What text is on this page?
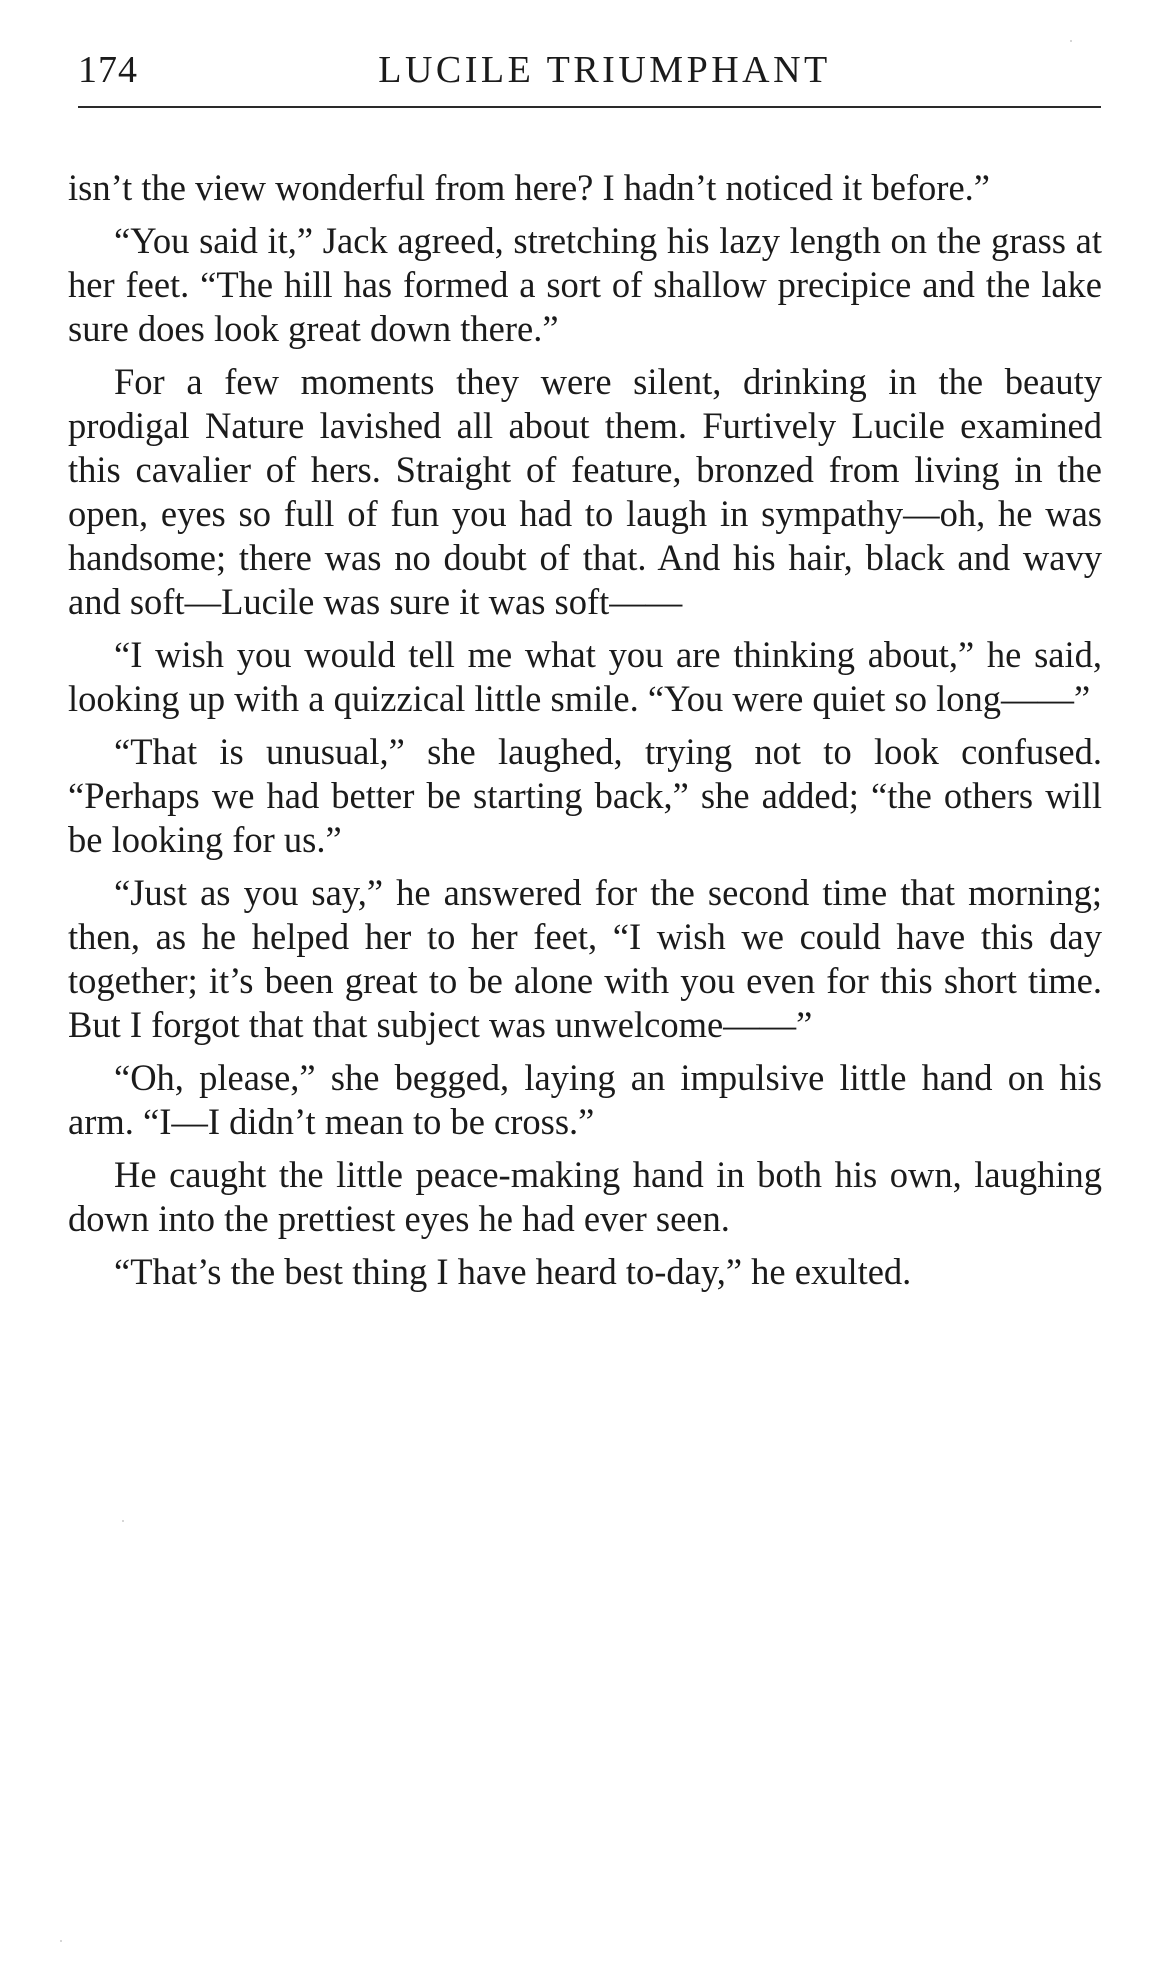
174	LUCILE TRIUMPHANT

isn’t the view wonderful from here? I hadn’t noticed it before.”

“You said it,” Jack agreed, stretching his lazy length on the grass at her feet. “The hill has formed a sort of shallow precipice and the lake sure does look great down there.”

For a few moments they were silent, drinking in the beauty prodigal Nature lavished all about them. Furtively Lucile examined this cavalier of hers. Straight of feature, bronzed from living in the open, eyes so full of fun you had to laugh in sympathy—oh, he was handsome; there was no doubt of that. And his hair, black and wavy and soft—Lucile was sure it was soft——

“I wish you would tell me what you are thinking about,” he said, looking up with a quizzical little smile. “You were quiet so long——”

“That is unusual,” she laughed, trying not to look confused. “Perhaps we had better be starting back,” she added; “the others will be looking for us.”

“Just as you say,” he answered for the second time that morning; then, as he helped her to her feet, “I wish we could have this day together; it’s been great to be alone with you even for this short time. But I forgot that that subject was unwelcome——”

“Oh, please,” she begged, laying an impulsive little hand on his arm. “I—I didn’t mean to be cross.”

He caught the little peace-making hand in both his own, laughing down into the prettiest eyes he had ever seen.

“That’s the best thing I have heard to-day,” he exulted.
